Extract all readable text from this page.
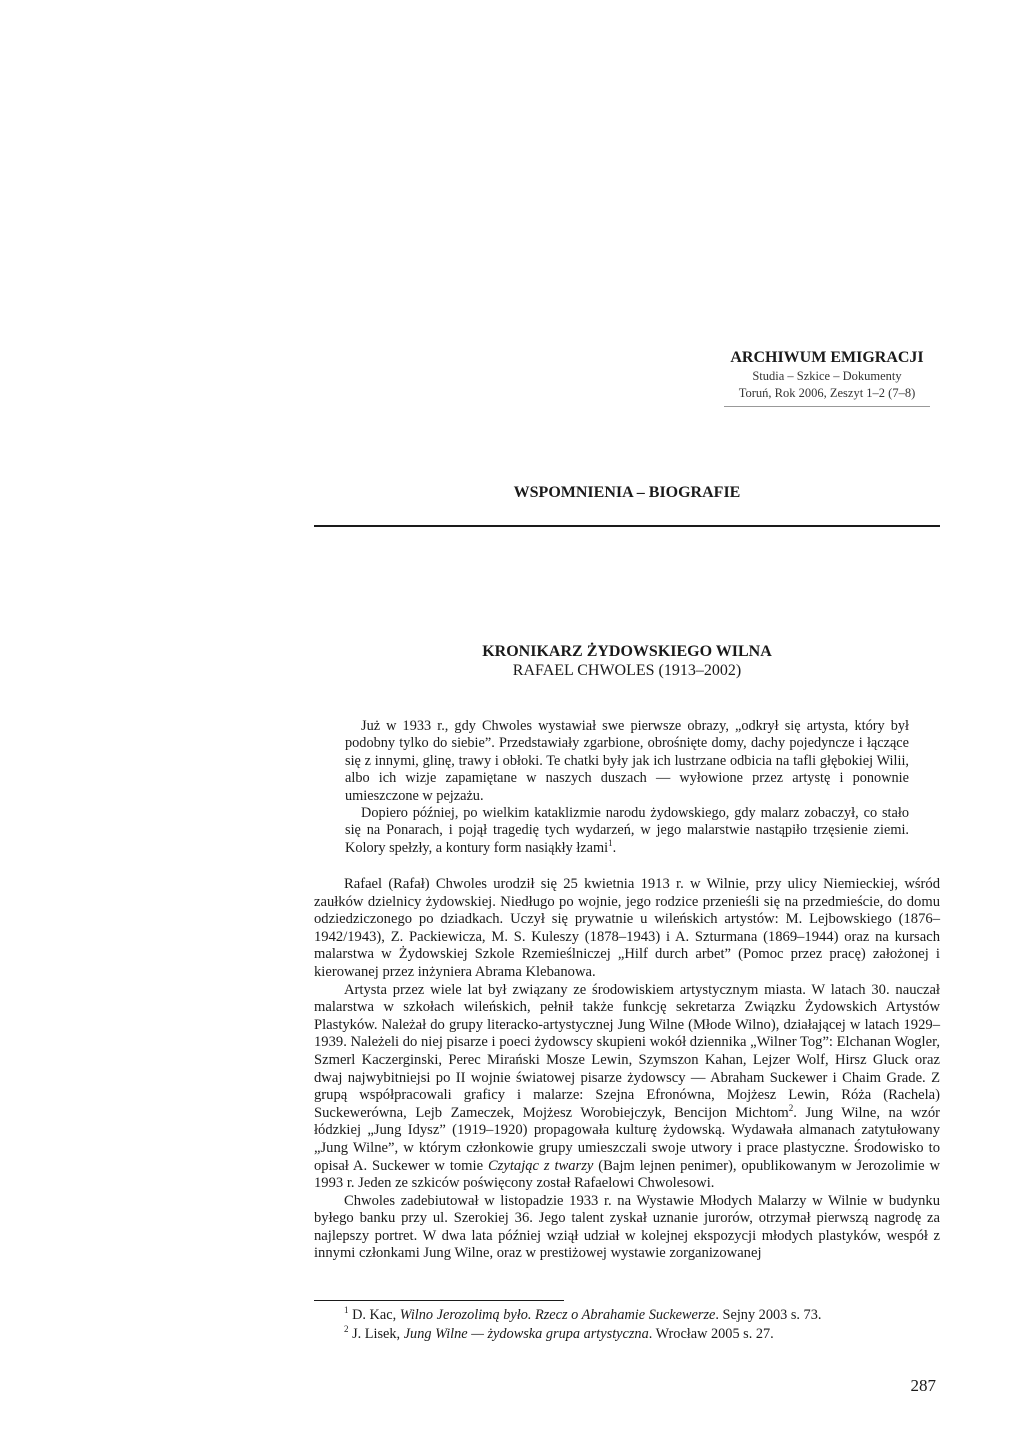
ARCHIWUM EMIGRACJI
Studia – Szkice – Dokumenty
Toruń, Rok 2006, Zeszyt 1–2 (7–8)
WSPOMNIENIA – BIOGRAFIE
KRONIKARZ ŻYDOWSKIEGO WILNA
RAFAEL CHWOLES (1913–2002)

Już w 1933 r., gdy Chwoles wystawiał swe pierwsze obrazy, „odkrył się artysta, który był podobny tylko do siebie”. Przedstawiały zgarbione, obrośnięte domy, dachy pojedyncze i łączące się z innymi, glinę, trawy i obłoki. Te chatki były jak ich lustrzane odbicia na tafli głębokiej Wilii, albo ich wizje zapamiętane w naszych duszach — wyłowione przez artystę i ponownie umieszczone w pejzażu.

Dopiero później, po wielkim kataklizmie narodu żydowskiego, gdy malarz zobaczył, co stało się na Ponarach, i pojął tragedię tych wydarzeń, w jego malarstwie nastąpiło trzęsienie ziemi. Kolory spełzły, a kontury form nasiąkły łzami$^1$.

Rafael (Rafał) Chwoles urodził się 25 kwietnia 1913 r. w Wilnie, przy ulicy Niemieckiej, wśród zaułków dzielnicy żydowskiej. Niedługo po wojnie, jego rodzice przenieśli się na przedmieście, do domu odziedziczonego po dziadkach. Uczył się prywatnie u wileńskich artystów: M. Lejbowskiego (1876–1942/1943), Z. Packiewicza, M. S. Kuleszy (1878–1943) i A. Szturmana (1869–1944) oraz na kursach malarstwa w Żydowskiej Szkole Rzemieślniczej „Hilf durch arbet” (Pomoc przez pracę) założonej i kierowanej przez inżyniera Abrama Klebanowa.

Artysta przez wiele lat był związany ze środowiskiem artystycznym miasta. W latach 30. nauczał malarstwa w szkołach wileńskich, pełnił także funkcję sekretarza Związku Żydowskich Artystów Plastyków. Należał do grupy literacko-artystycznej Jung Wilne (Młode Wilno), działającej w latach 1929–1939. Należeli do niej pisarze i poeci żydowscy skupieni wokół dziennika „Wilner Tog”: Elchanan Wogler, Szmerl Kaczerginski, Perec Mirański Mosze Lewin, Szymszon Kahan, Lejzer Wolf, Hirsz Gluck oraz dwaj najwybitniejsi po II wojnie światowej pisarze żydowscy — Abraham Suckewer i Chaim Grade. Z grupą współpracowali graficy i malarze: Szejna Efronówna, Mojżesz Lewin, Róża (Rachela) Suckewerówna, Lejb Zameczek, Mojżesz Worobiejczyk, Bencijon Michtom$^2$. Jung Wilne, na wzór łódzkiej „Jung Idysz” (1919–1920) propagowała kulturę żydowską. Wydawała almanach zatytułowany „Jung Wilne”, w którym członkowie grupy umieszczali swoje utwory i prace plastyczne. Środowisko to opisał A. Suckewer w tomie Czytając z twarzy (Bajm lejnen penimer), opublikowanym w Jerozolimie w 1993 r. Jeden ze szkiców poświęcony został Rafaelowi Chwolesowi.

Chwoles zadebiutował w listopadzie 1933 r. na Wystawie Młodych Malarzy w Wilnie w budynku byłego banku przy ul. Szerokiej 36. Jego talent zyskał uznanie jurorów, otrzymał pierwszą nagrodę za najlepszy portret. W dwa lata później wziął udział w kolejnej ekspozycji młodych plastyków, wespół z innymi członkami Jung Wilne, oraz w prestiżowej wystawie zorganizowanej

$^1$ D. Kac, Wilno Jerozolimą było. Rzecz o Abrahamie Suckewerze. Sejny 2003 s. 73.
$^2$ J. Lisek, Jung Wilne — żydowska grupa artystyczna. Wrocław 2005 s. 27.
287
